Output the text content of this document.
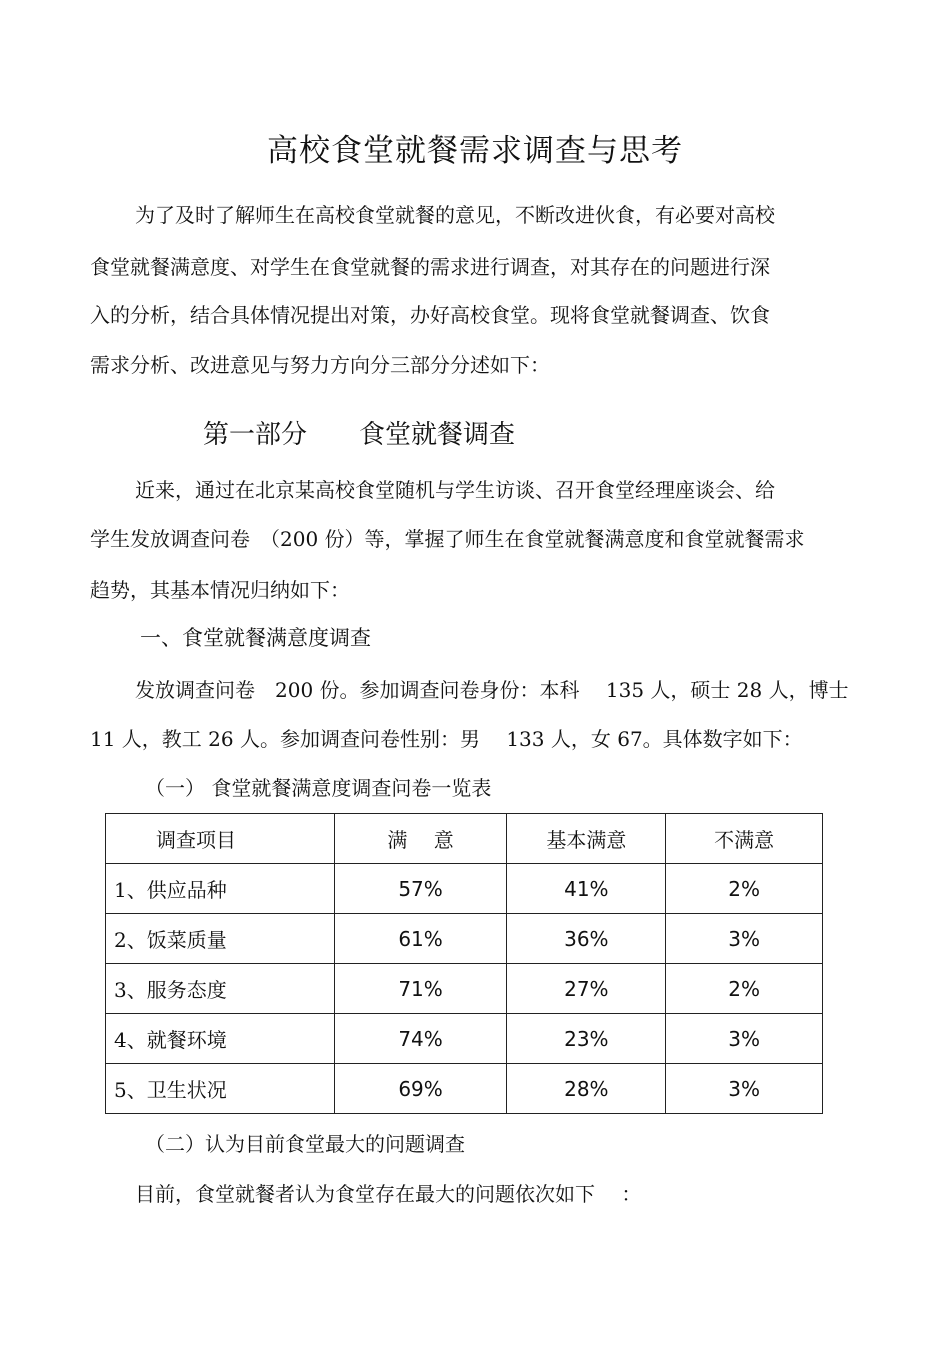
高校食堂就餐需求调查与思考

为了及时了解师生在高校食堂就餐的意见，不断改进伙食，有必要对高校

食堂就餐满意度、对学生在食堂就餐的需求进行调查，对其存在的问题进行深

入的分析，结合具体情况提出对策，办好高校食堂。现将食堂就餐调查、饮食

需求分析、改进意见与努力方向分三部分分述如下：

第一部分 食堂就餐调查

近来，通过在北京某高校食堂随机与学生访谈、召开食堂经理座谈会、给

学生发放调查问卷　（200 份）等，掌握了师生在食堂就餐满意度和食堂就餐需求

趋势，其基本情况归纳如下：

一、食堂就餐满意度调查

发放调查问卷　200 份。参加调查问卷身份：本科　 135 人，硕士 28 人，博士

11 人，教工 26 人。参加调查问卷性别：男　 133 人，女 67。具体数字如下：

（一） 食堂就餐满意度调查问卷一览表

调查项目	满　 意	基本满意	不满意
1、供应品种	57%	41%	2%
2、饭菜质量	61%	36%	3%
3、服务态度	71%	27%	2%
4、就餐环境	74%	23%	3%
5、卫生状况	69%	28%	3%

（二）认为目前食堂最大的问题调查

目前，食堂就餐者认为食堂存在最大的问题依次如下　 ：
